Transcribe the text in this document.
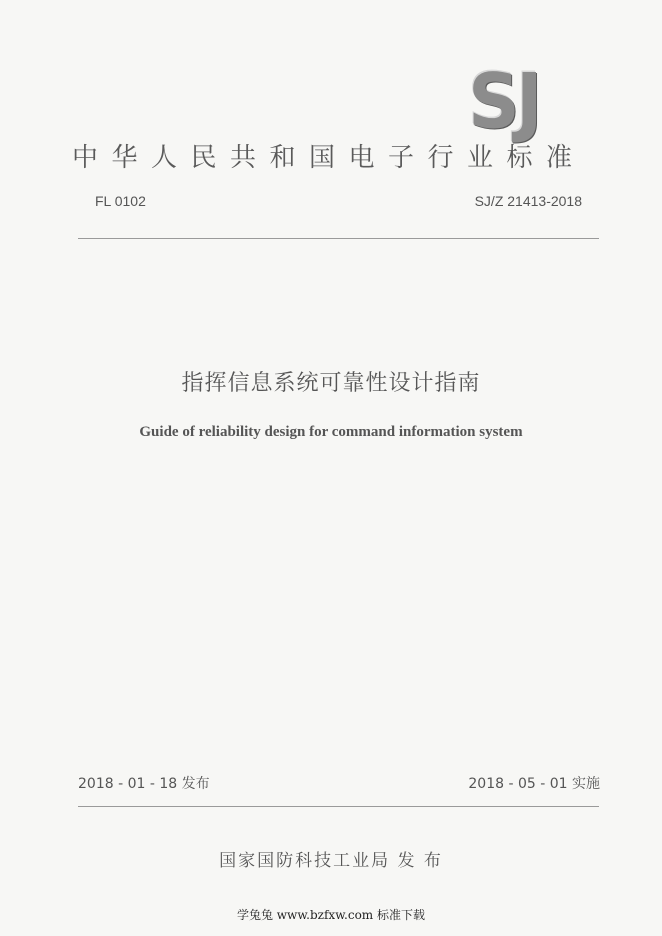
SJ
中华人民共和国电子行业标准
FL 0102	SJ/Z 21413-2018
指挥信息系统可靠性设计指南
Guide of reliability design for command information system
2018 - 01 - 18 发布	2018 - 05 - 01 实施
国家国防科技工业局 发 布
学兔兔 www.bzfxw.com 标准下载
